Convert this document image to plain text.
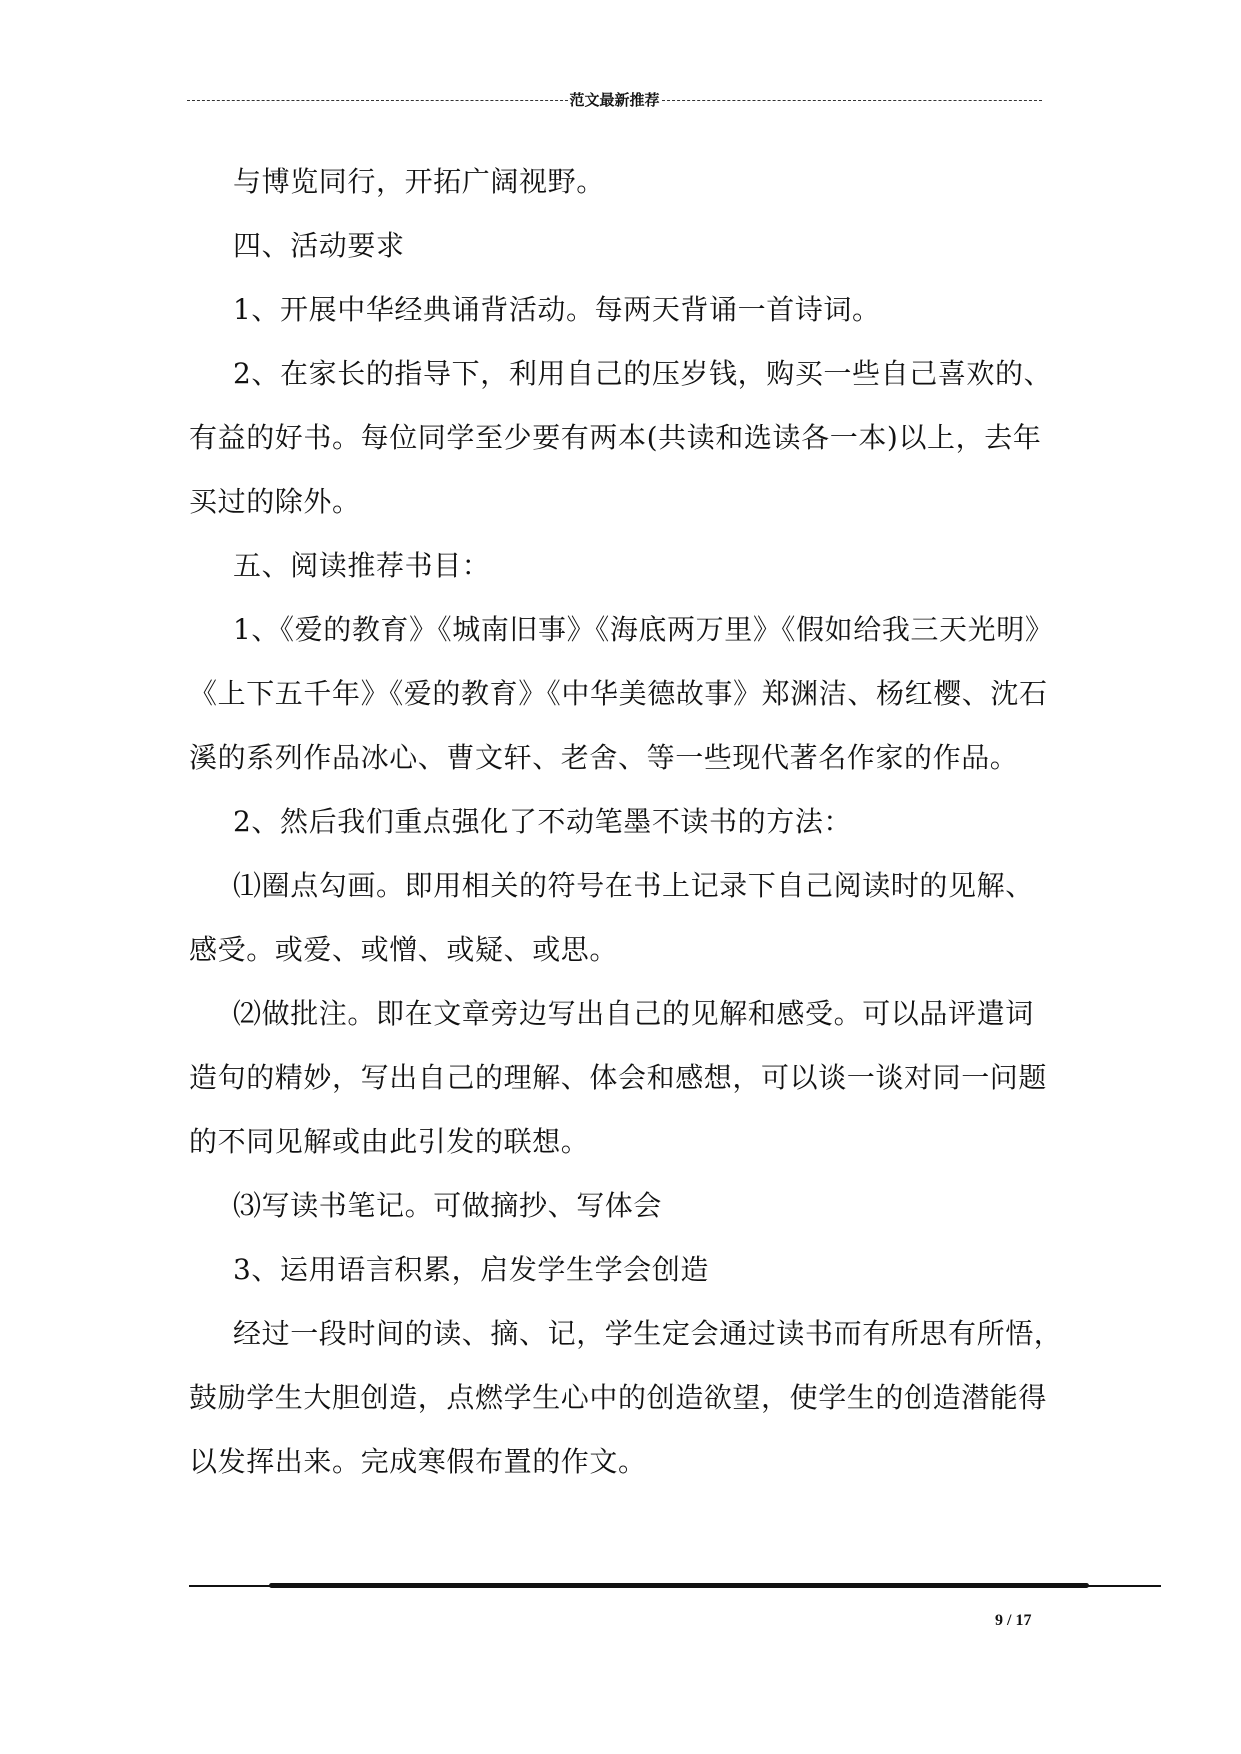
范文最新推荐
与博览同行，开拓广阔视野。
四、活动要求
1、开展中华经典诵背活动。每两天背诵一首诗词。
2、在家长的指导下，利用自己的压岁钱，购买一些自己喜欢的、
有益的好书。每位同学至少要有两本(共读和选读各一本)以上，去年
买过的除外。
五、阅读推荐书目：
1、《爱的教育》《城南旧事》《海底两万里》《假如给我三天光明》
《上下五千年》《爱的教育》《中华美德故事》郑渊洁、杨红樱、沈石
溪的系列作品冰心、曹文轩、老舍、等一些现代著名作家的作品。
2、然后我们重点强化了不动笔墨不读书的方法：
⑴圈点勾画。即用相关的符号在书上记录下自己阅读时的见解、
感受。或爱、或憎、或疑、或思。
⑵做批注。即在文章旁边写出自己的见解和感受。可以品评遣词
造句的精妙，写出自己的理解、体会和感想，可以谈一谈对同一问题
的不同见解或由此引发的联想。
⑶写读书笔记。可做摘抄、写体会
3、运用语言积累，启发学生学会创造
经过一段时间的读、摘、记，学生定会通过读书而有所思有所悟，
鼓励学生大胆创造，点燃学生心中的创造欲望，使学生的创造潜能得
以发挥出来。完成寒假布置的作文。
9 / 17
